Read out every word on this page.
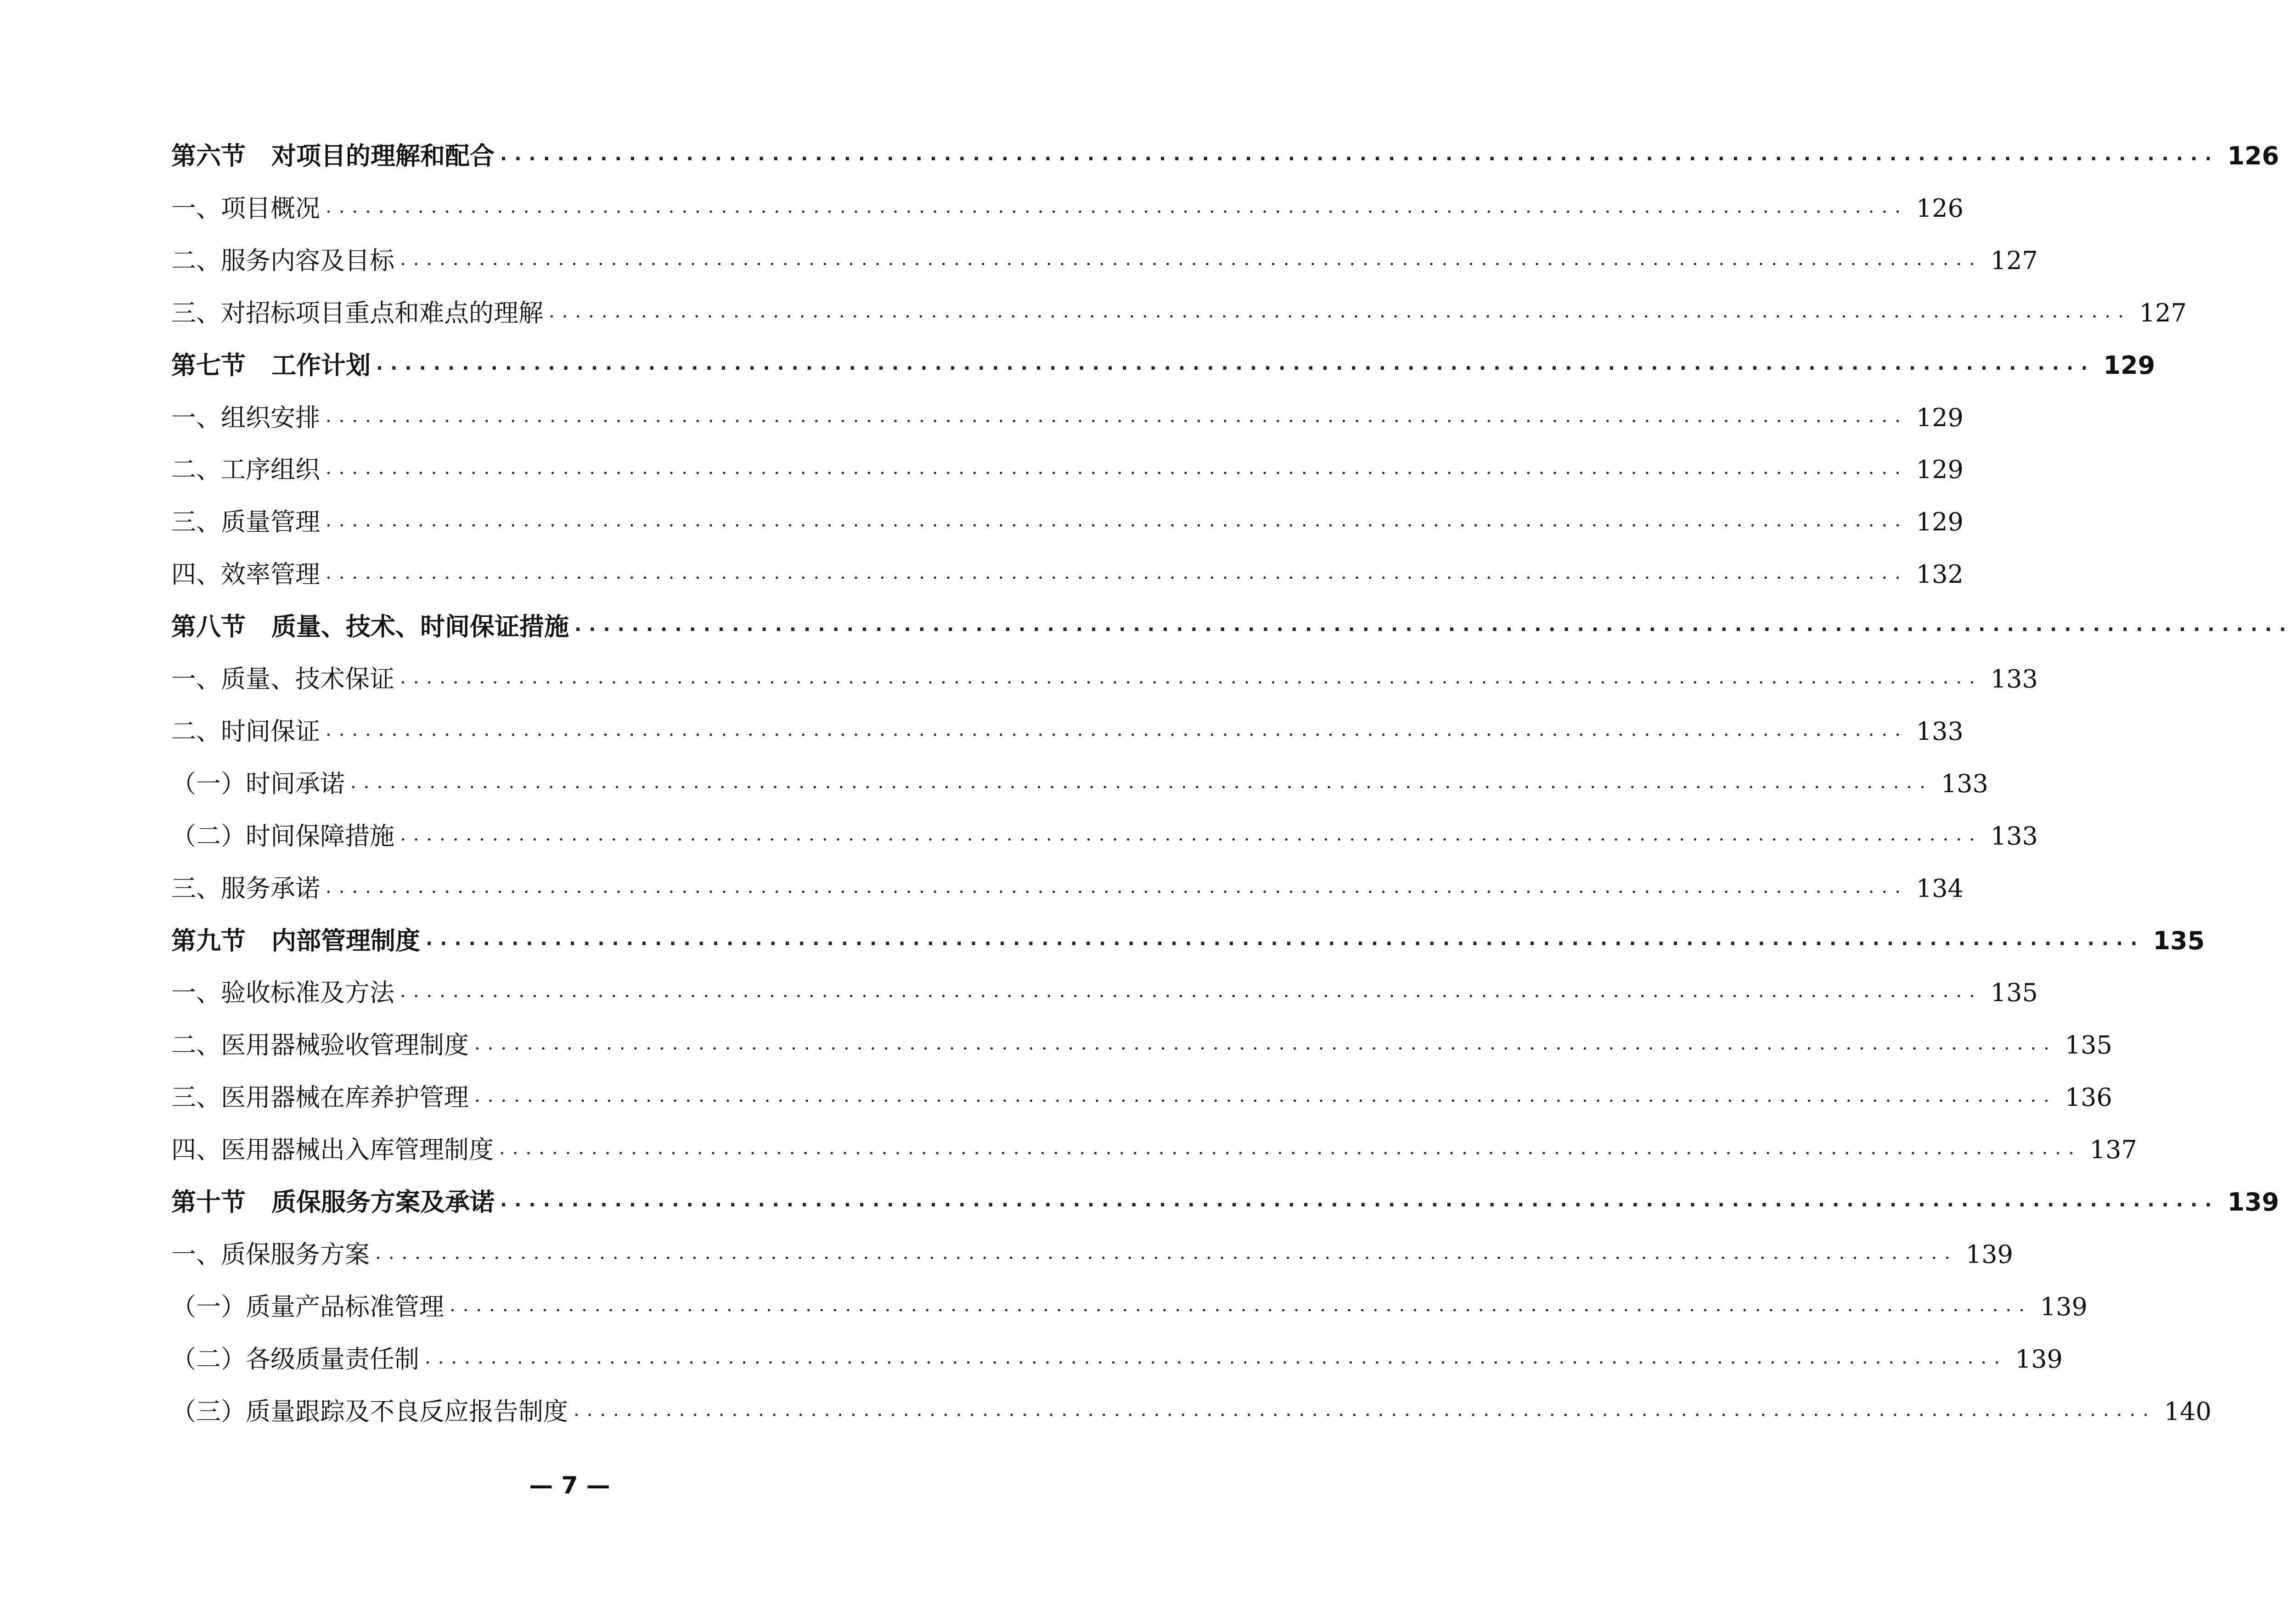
第六节 对项目的理解和配合 ........................................................................................................................ 126
一、项目概况 ........................................................................................................................ 126
二、服务内容及目标 ........................................................................................................................ 127
三、对招标项目重点和难点的理解 ........................................................................................................................ 127
第七节 工作计划 ........................................................................................................................ 129
一、组织安排 ........................................................................................................................ 129
二、工序组织 ........................................................................................................................ 129
三、质量管理 ........................................................................................................................ 129
四、效率管理 ........................................................................................................................ 132
第八节 质量、技术、时间保证措施 ........................................................................................................................
一、质量、技术保证 ........................................................................................................................ 133
二、时间保证 ........................................................................................................................ 133
（一）时间承诺 ........................................................................................................................ 133
（二）时间保障措施 ........................................................................................................................ 133
三、服务承诺 ........................................................................................................................ 134
第九节 内部管理制度 ........................................................................................................................ 135
一、验收标准及方法 ........................................................................................................................ 135
二、医用器械验收管理制度 ........................................................................................................................ 135
三、医用器械在库养护管理 ........................................................................................................................ 136
四、医用器械出入库管理制度 ........................................................................................................................ 137
第十节 质保服务方案及承诺 ........................................................................................................................ 139
一、质保服务方案 ........................................................................................................................ 139
（一）质量产品标准管理 ........................................................................................................................ 139
（二）各级质量责任制 ........................................................................................................................ 139
（三）质量跟踪及不良反应报告制度 ........................................................................................................................ 140
— 7 —
